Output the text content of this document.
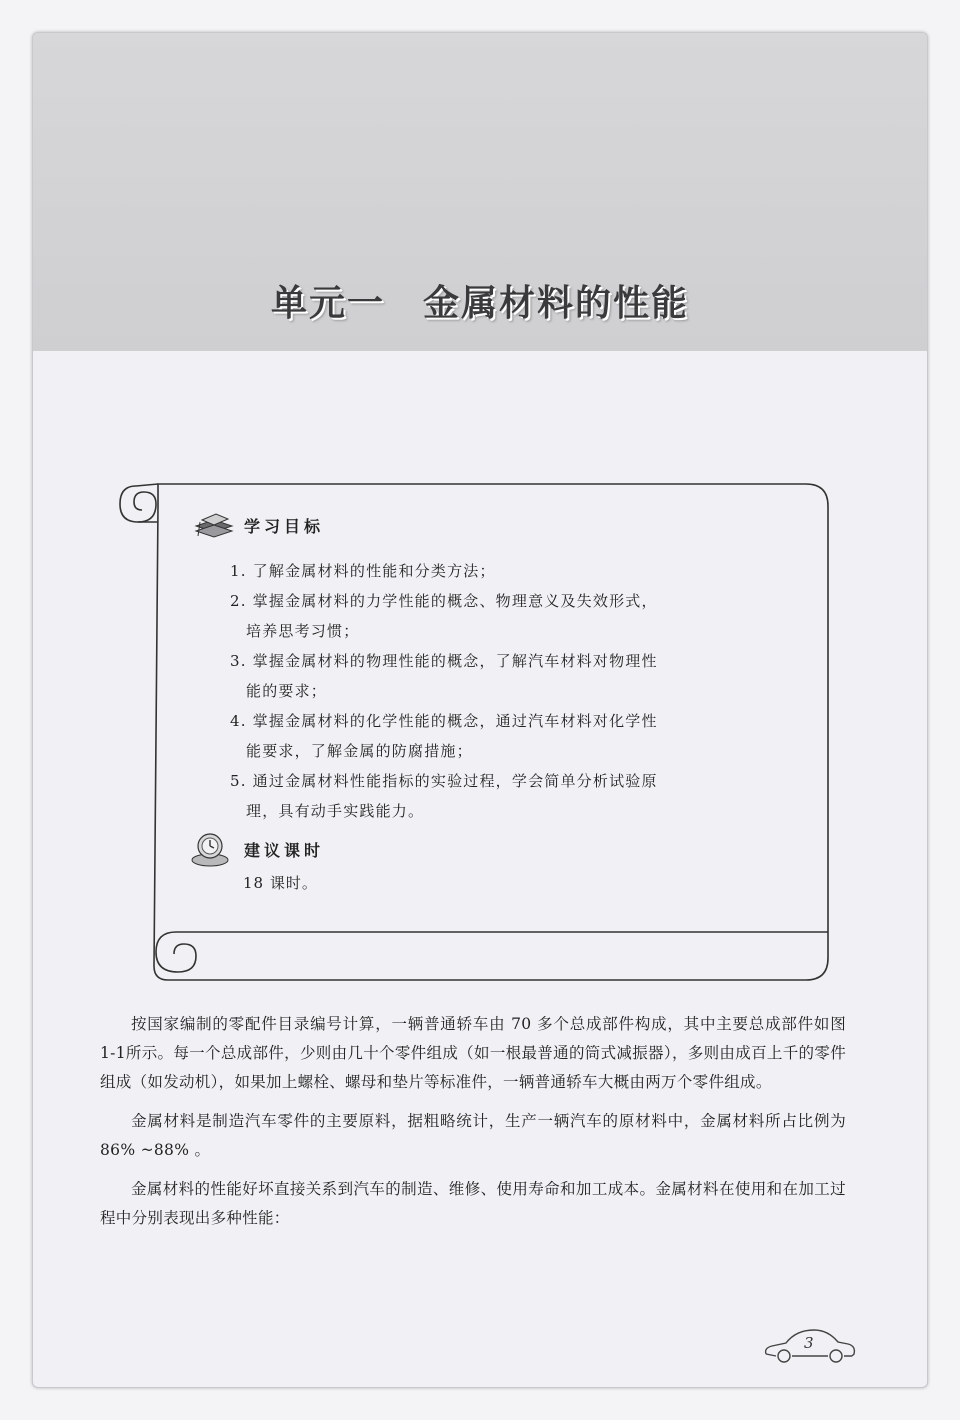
单元一　金属材料的性能
学习目标
1. 了解金属材料的性能和分类方法；
2. 掌握金属材料的力学性能的概念、物理意义及失效形式，
培养思考习惯；
3. 掌握金属材料的物理性能的概念，了解汽车材料对物理性
能的要求；
4. 掌握金属材料的化学性能的概念，通过汽车材料对化学性
能要求，了解金属的防腐措施；
5. 通过金属材料性能指标的实验过程，学会简单分析试验原
理，具有动手实践能力。
建议课时
18 课时。

按国家编制的零配件目录编号计算，一辆普通轿车由 70 多个总成部件构成，其中主要总成部件如图 1-1所示。每一个总成部件，少则由几十个零件组成（如一根最普通的筒式减振器），多则由成百上千的零件组成（如发动机），如果加上螺栓、螺母和垫片等标准件，一辆普通轿车大概由两万个零件组成。

金属材料是制造汽车零件的主要原料，据粗略统计，生产一辆汽车的原材料中，金属材料所占比例为 86% ~88% 。

金属材料的性能好坏直接关系到汽车的制造、维修、使用寿命和加工成本。金属材料在使用和在加工过程中分别表现出多种性能：

3
